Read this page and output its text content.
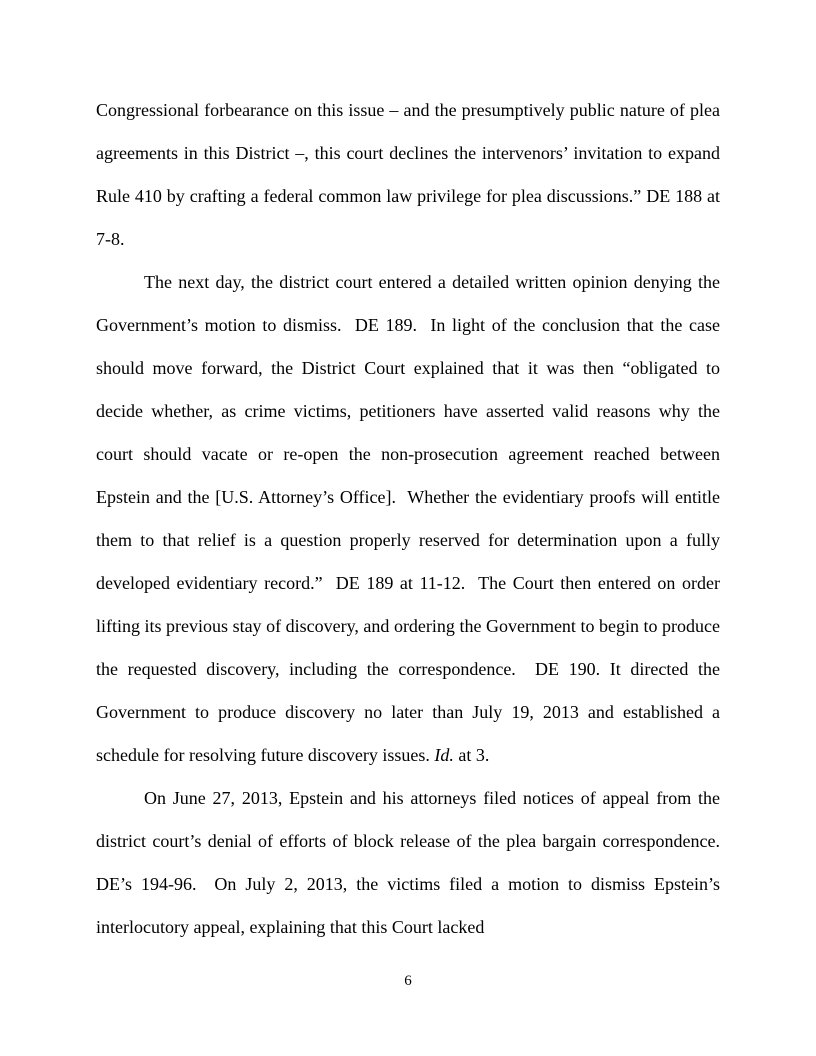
Congressional forbearance on this issue – and the presumptively public nature of plea agreements in this District –, this court declines the intervenors’ invitation to expand Rule 410 by crafting a federal common law privilege for plea discussions.” DE 188 at 7-8.

The next day, the district court entered a detailed written opinion denying the Government’s motion to dismiss.  DE 189.  In light of the conclusion that the case should move forward, the District Court explained that it was then “obligated to decide whether, as crime victims, petitioners have asserted valid reasons why the court should vacate or re-open the non-prosecution agreement reached between Epstein and the [U.S. Attorney’s Office].  Whether the evidentiary proofs will entitle them to that relief is a question properly reserved for determination upon a fully developed evidentiary record.”  DE 189 at 11-12.  The Court then entered on order lifting its previous stay of discovery, and ordering the Government to begin to produce the requested discovery, including the correspondence.  DE 190. It directed the Government to produce discovery no later than July 19, 2013 and established a schedule for resolving future discovery issues. Id. at 3.

On June 27, 2013, Epstein and his attorneys filed notices of appeal from the district court’s denial of efforts of block release of the plea bargain correspondence. DE’s 194-96.  On July 2, 2013, the victims filed a motion to dismiss Epstein’s interlocutory appeal, explaining that this Court lacked

6
